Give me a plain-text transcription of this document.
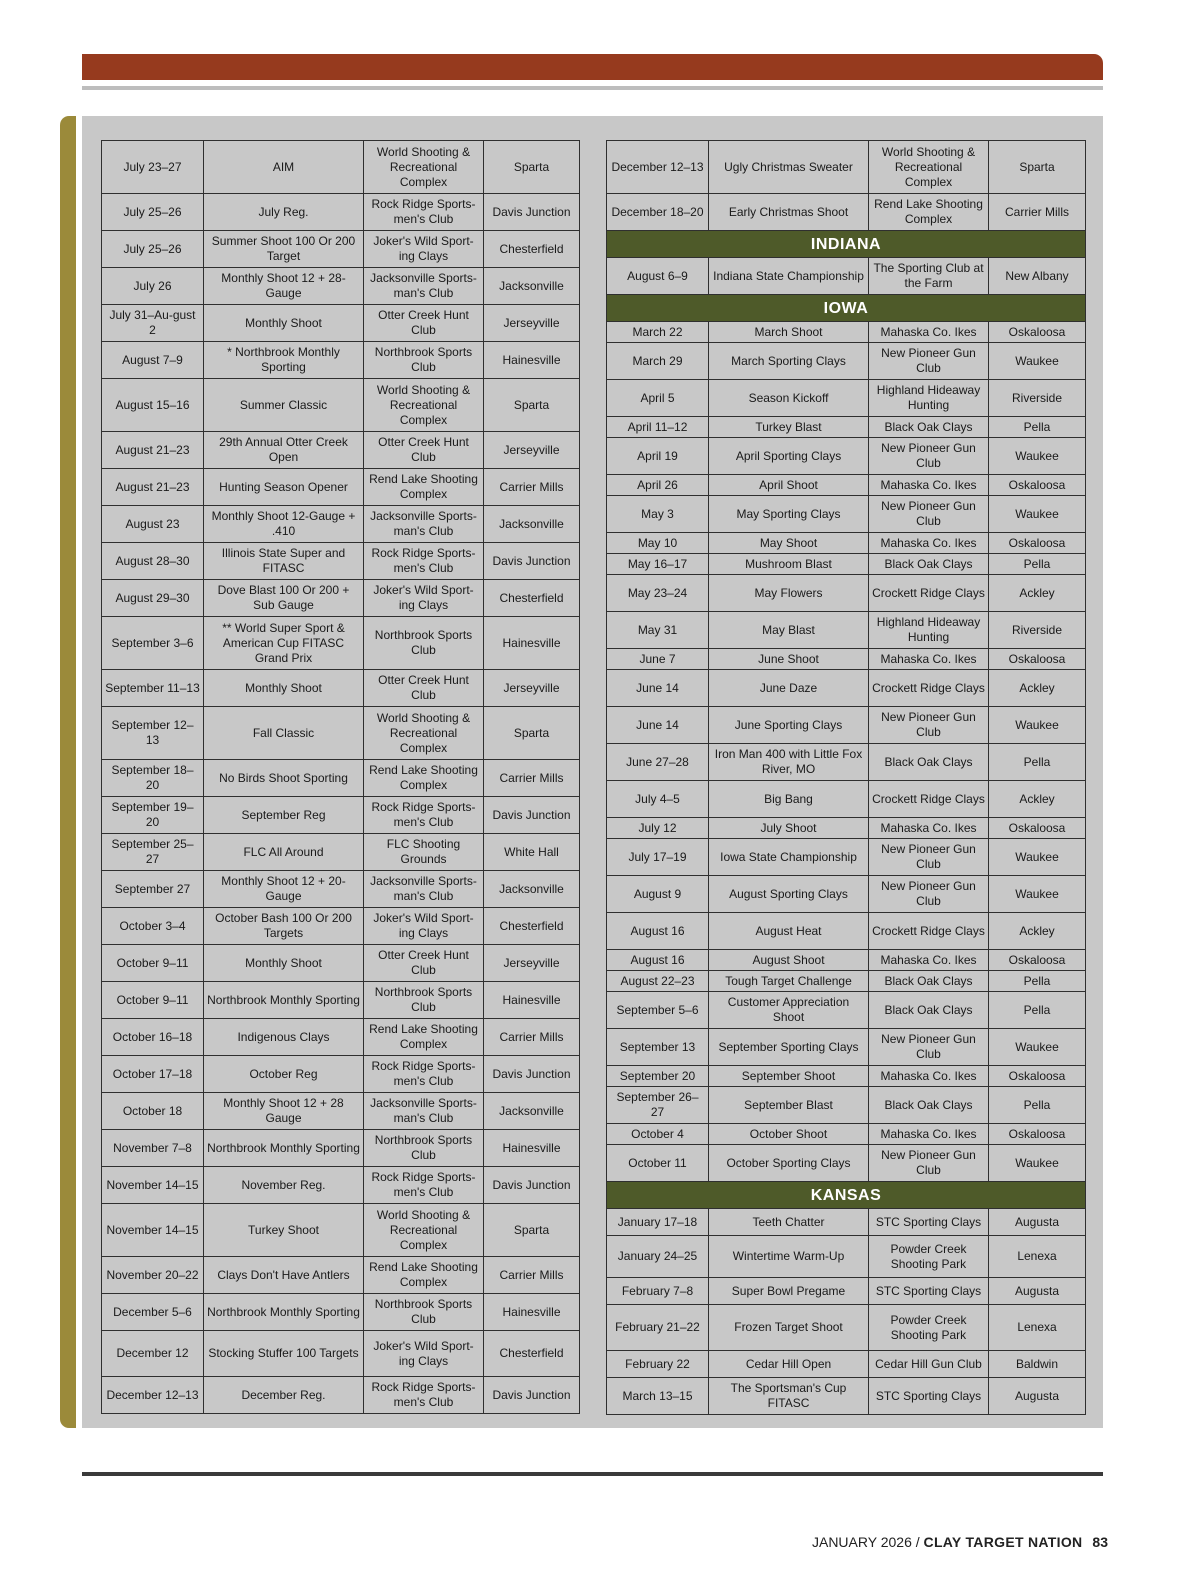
July 23–27	AIM	World Shooting & Recreational Complex	Sparta
July 25–26	July Reg.	Rock Ridge Sports-men's Club	Davis Junction
July 25–26	Summer Shoot 100 Or 200 Target	Joker's Wild Sport-ing Clays	Chesterfield
July 26	Monthly Shoot 12 + 28-Gauge	Jacksonville Sports-man's Club	Jacksonville
July 31–Au-gust 2	Monthly Shoot	Otter Creek Hunt Club	Jerseyville
August 7–9	* Northbrook Monthly Sporting	Northbrook Sports Club	Hainesville
August 15–16	Summer Classic	World Shooting & Recreational Complex	Sparta
August 21–23	29th Annual Otter Creek Open	Otter Creek Hunt Club	Jerseyville
August 21–23	Hunting Season Opener	Rend Lake Shooting Complex	Carrier Mills
August 23	Monthly Shoot 12-Gauge + .410	Jacksonville Sports-man's Club	Jacksonville
August 28–30	Illinois State Super and FITASC	Rock Ridge Sports-men's Club	Davis Junction
August 29–30	Dove Blast 100 Or 200 + Sub Gauge	Joker's Wild Sport-ing Clays	Chesterfield
September 3–6	** World Super Sport & American Cup FITASC Grand Prix	Northbrook Sports Club	Hainesville
September 11–13	Monthly Shoot	Otter Creek Hunt Club	Jerseyville
September 12–13	Fall Classic	World Shooting & Recreational Complex	Sparta
September 18–20	No Birds Shoot Sporting	Rend Lake Shooting Complex	Carrier Mills
September 19–20	September Reg	Rock Ridge Sports-men's Club	Davis Junction
September 25–27	FLC All Around	FLC Shooting Grounds	White Hall
September 27	Monthly Shoot 12 + 20-Gauge	Jacksonville Sports-man's Club	Jacksonville
October 3–4	October Bash 100 Or 200 Targets	Joker's Wild Sport-ing Clays	Chesterfield
October 9–11	Monthly Shoot	Otter Creek Hunt Club	Jerseyville
October 9–11	Northbrook Monthly Sporting	Northbrook Sports Club	Hainesville
October 16–18	Indigenous Clays	Rend Lake Shooting Complex	Carrier Mills
October 17–18	October Reg	Rock Ridge Sports-men's Club	Davis Junction
October 18	Monthly Shoot 12 + 28 Gauge	Jacksonville Sports-man's Club	Jacksonville
November 7–8	Northbrook Monthly Sporting	Northbrook Sports Club	Hainesville
November 14–15	November Reg.	Rock Ridge Sports-men's Club	Davis Junction
November 14–15	Turkey Shoot	World Shooting & Recreational Complex	Sparta
November 20–22	Clays Don't Have Antlers	Rend Lake Shooting Complex	Carrier Mills
December 5–6	Northbrook Monthly Sporting	Northbrook Sports Club	Hainesville
December 12	Stocking Stuffer 100 Targets	Joker's Wild Sport-ing Clays	Chesterfield
December 12–13	December Reg.	Rock Ridge Sports-men's Club	Davis Junction
December 12–13	Ugly Christmas Sweater	World Shooting & Recreational Complex	Sparta
December 18–20	Early Christmas Shoot	Rend Lake Shooting Complex	Carrier Mills
INDIANA			
August 6–9	Indiana State Championship	The Sporting Club at the Farm	New Albany
IOWA			
March 22	March Shoot	Mahaska Co. Ikes	Oskaloosa
March 29	March Sporting Clays	New Pioneer Gun Club	Waukee
April 5	Season Kickoff	Highland Hideaway Hunting	Riverside
April 11–12	Turkey Blast	Black Oak Clays	Pella
April 19	April Sporting Clays	New Pioneer Gun Club	Waukee
April 26	April Shoot	Mahaska Co. Ikes	Oskaloosa
May 3	May Sporting Clays	New Pioneer Gun Club	Waukee
May 10	May Shoot	Mahaska Co. Ikes	Oskaloosa
May 16–17	Mushroom Blast	Black Oak Clays	Pella
May 23–24	May Flowers	Crockett Ridge Clays	Ackley
May 31	May Blast	Highland Hideaway Hunting	Riverside
June 7	June Shoot	Mahaska Co. Ikes	Oskaloosa
June 14	June Daze	Crockett Ridge Clays	Ackley
June 14	June Sporting Clays	New Pioneer Gun Club	Waukee
June 27–28	Iron Man 400 with Little Fox River, MO	Black Oak Clays	Pella
July 4–5	Big Bang	Crockett Ridge Clays	Ackley
July 12	July Shoot	Mahaska Co. Ikes	Oskaloosa
July 17–19	Iowa State Championship	New Pioneer Gun Club	Waukee
August 9	August Sporting Clays	New Pioneer Gun Club	Waukee
August 16	August Heat	Crockett Ridge Clays	Ackley
August 16	August Shoot	Mahaska Co. Ikes	Oskaloosa
August 22–23	Tough Target Challenge	Black Oak Clays	Pella
September 5–6	Customer Appreciation Shoot	Black Oak Clays	Pella
September 13	September Sporting Clays	New Pioneer Gun Club	Waukee
September 20	September Shoot	Mahaska Co. Ikes	Oskaloosa
September 26–27	September Blast	Black Oak Clays	Pella
October 4	October Shoot	Mahaska Co. Ikes	Oskaloosa
October 11	October Sporting Clays	New Pioneer Gun Club	Waukee
KANSAS			
January 17–18	Teeth Chatter	STC Sporting Clays	Augusta
January 24–25	Wintertime Warm-Up	Powder Creek Shooting Park	Lenexa
February 7–8	Super Bowl Pregame	STC Sporting Clays	Augusta
February 21–22	Frozen Target Shoot	Powder Creek Shooting Park	Lenexa
February 22	Cedar Hill Open	Cedar Hill Gun Club	Baldwin
March 13–15	The Sportsman's Cup FITASC	STC Sporting Clays	Augusta
JANUARY 2026 / CLAY TARGET NATION 83
